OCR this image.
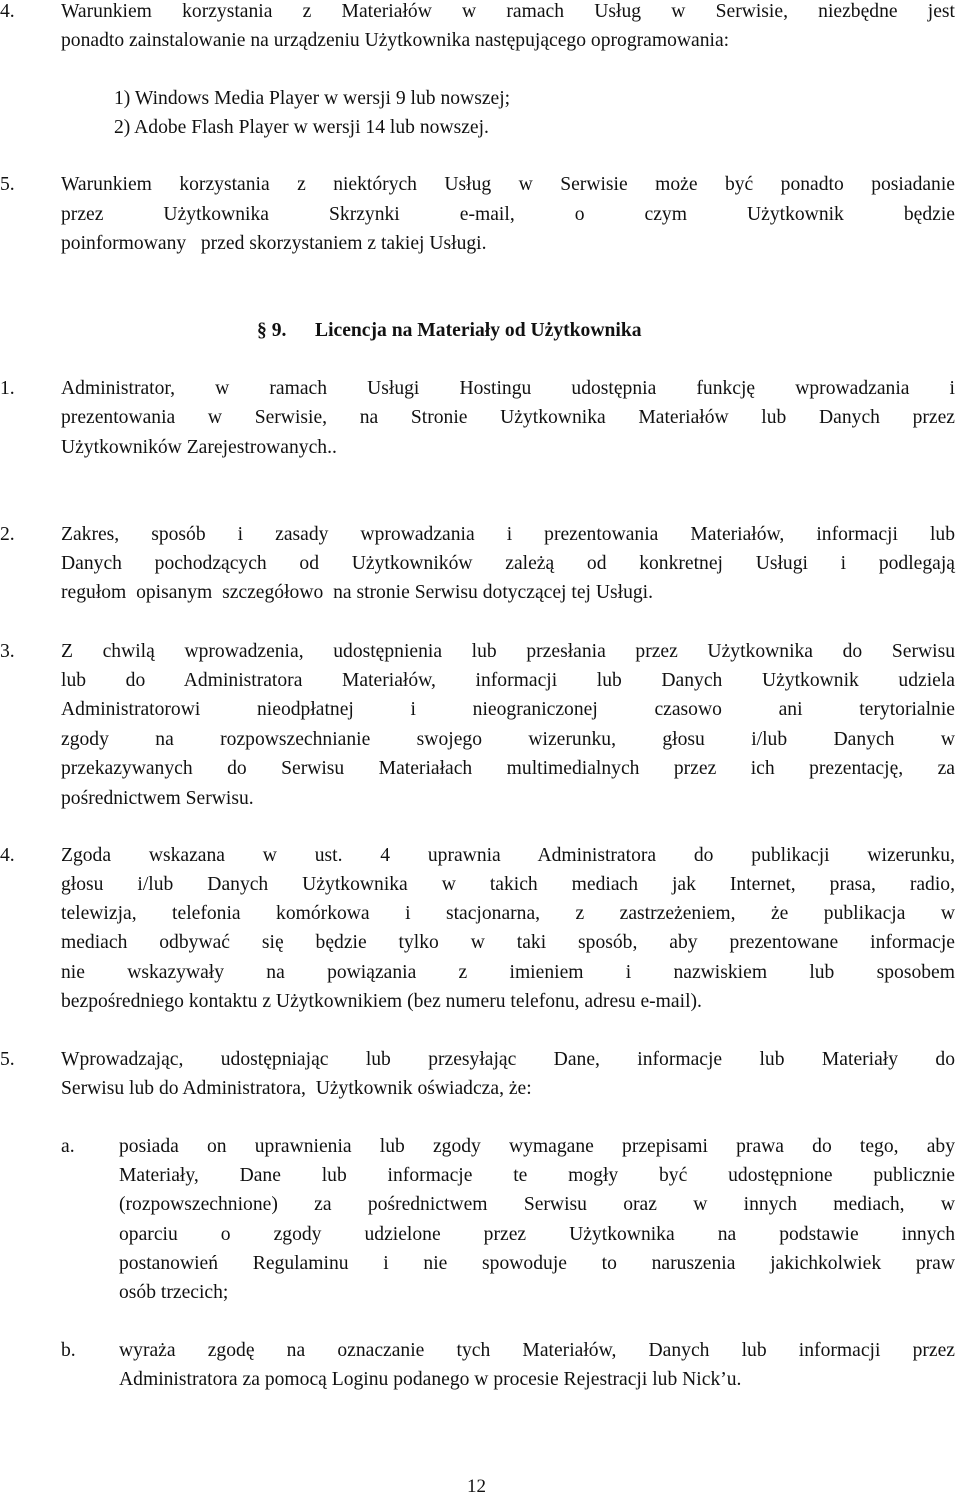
4. Warunkiem korzystania z Materiałów w ramach Usług w Serwisie, niezbędne jest
ponadto zainstalowanie na urządzeniu Użytkownika następującego oprogramowania:
1) Windows Media Player w wersji 9 lub nowszej;
2) Adobe Flash Player w wersji 14 lub nowszej.
5. Warunkiem korzystania z niektórych Usług w Serwisie może być ponadto posiadanie
przez Użytkownika Skrzynki e-mail, o czym Użytkownik będzie
poinformowany   przed skorzystaniem z takiej Usługi.
§ 9. Licencja na Materiały od Użytkownika
1. Administrator, w ramach Usługi Hostingu udostępnia funkcję wprowadzania i
prezentowania w Serwisie, na Stronie Użytkownika Materiałów lub Danych przez
Użytkowników Zarejestrowanych..
2. Zakres, sposób i zasady wprowadzania i prezentowania Materiałów, informacji lub
Danych pochodzących od Użytkowników zależą od konkretnej Usługi i podlegają
regułom  opisanym  szczegółowo  na stronie Serwisu dotyczącej tej Usługi.
3. Z chwilą wprowadzenia, udostępnienia lub przesłania przez Użytkownika do Serwisu
lub do Administratora Materiałów, informacji lub Danych Użytkownik udziela
Administratorowi nieodpłatnej i nieograniczonej czasowo ani terytorialnie
zgody na rozpowszechnianie swojego wizerunku, głosu i/lub Danych w
przekazywanych do Serwisu Materiałach multimedialnych przez ich prezentację, za
pośrednictwem Serwisu.
4. Zgoda wskazana w ust. 4 uprawnia Administratora do publikacji wizerunku,
głosu i/lub Danych Użytkownika w takich mediach jak Internet, prasa, radio,
telewizja, telefonia komórkowa i stacjonarna, z zastrzeżeniem, że publikacja w
mediach odbywać się będzie tylko w taki sposób, aby prezentowane informacje
nie wskazywały na powiązania z imieniem i nazwiskiem lub sposobem
bezpośredniego kontaktu z Użytkownikiem (bez numeru telefonu, adresu e-mail).
5. Wprowadzając, udostępniając lub przesyłając Dane, informacje lub Materiały do
Serwisu lub do Administratora,  Użytkownik oświadcza, że:
a. posiada on uprawnienia lub zgody wymagane przepisami prawa do tego, aby
Materiały, Dane lub informacje te mogły być udostępnione publicznie
(rozpowszechnione) za pośrednictwem Serwisu oraz w innych mediach, w
oparciu o zgody udzielone przez Użytkownika na podstawie innych
postanowień Regulaminu i nie spowoduje to naruszenia jakichkolwiek praw
osób trzecich;
b. wyraża zgodę na oznaczanie tych Materiałów, Danych lub informacji przez
Administratora za pomocą Loginu podanego w procesie Rejestracji lub Nick’u.
12
